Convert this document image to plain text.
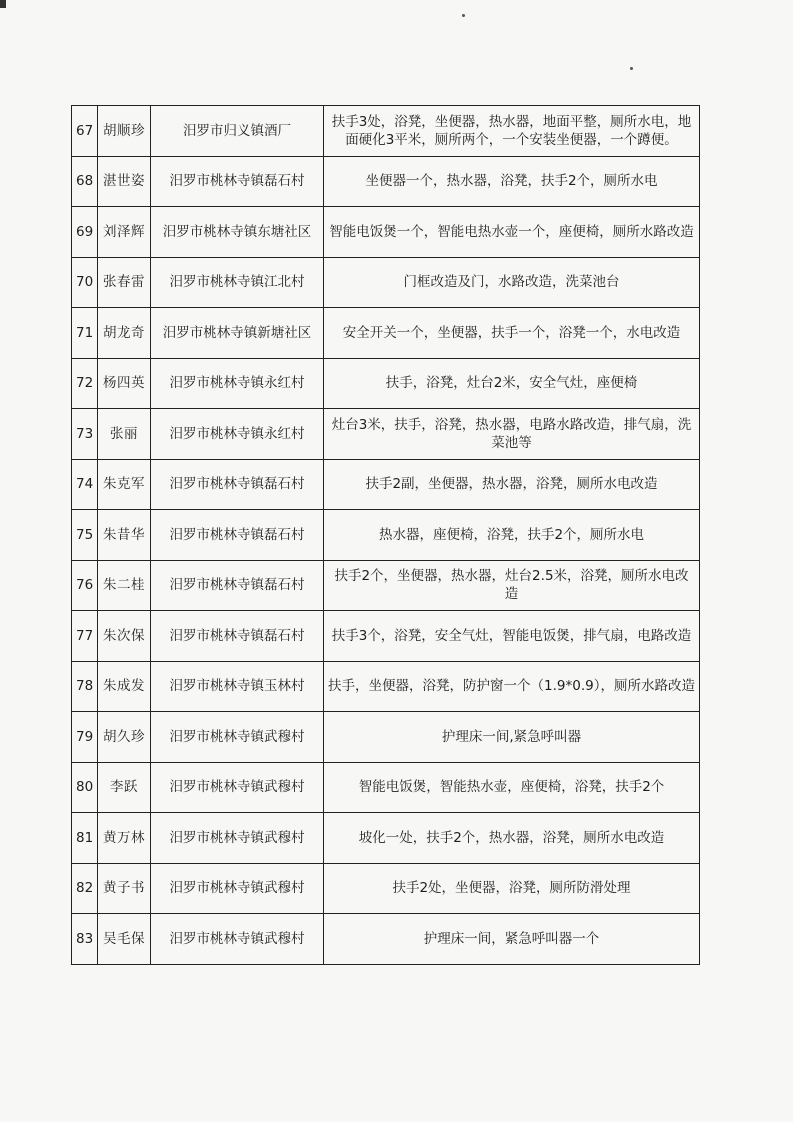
67	胡顺珍	汨罗市归义镇酒厂	扶手3处，浴凳，坐便器，热水器，地面平整，厕所水电，地面硬化3平米，厕所两个，一个安装坐便器，一个蹲便。
68	湛世姿	汨罗市桃林寺镇磊石村	坐便器一个，热水器，浴凳，扶手2个，厕所水电
69	刘泽辉	汨罗市桃林寺镇东塘社区	智能电饭煲一个，智能电热水壶一个，座便椅，厕所水路改造
70	张春雷	汨罗市桃林寺镇江北村	门框改造及门，水路改造，洗菜池台
71	胡龙奇	汨罗市桃林寺镇新塘社区	安全开关一个，坐便器，扶手一个，浴凳一个，水电改造
72	杨四英	汨罗市桃林寺镇永红村	扶手，浴凳，灶台2米，安全气灶，座便椅
73	张丽	汨罗市桃林寺镇永红村	灶台3米，扶手，浴凳，热水器，电路水路改造，排气扇，洗菜池等
74	朱克军	汨罗市桃林寺镇磊石村	扶手2副，坐便器，热水器，浴凳，厕所水电改造
75	朱昔华	汨罗市桃林寺镇磊石村	热水器，座便椅，浴凳，扶手2个，厕所水电
76	朱二桂	汨罗市桃林寺镇磊石村	扶手2个，坐便器，热水器，灶台2.5米，浴凳，厕所水电改造
77	朱次保	汨罗市桃林寺镇磊石村	扶手3个，浴凳，安全气灶，智能电饭煲，排气扇，电路改造
78	朱成发	汨罗市桃林寺镇玉林村	扶手，坐便器，浴凳，防护窗一个（1.9*0.9），厕所水路改造
79	胡久珍	汨罗市桃林寺镇武穆村	护理床一间,紧急呼叫器
80	李跃	汨罗市桃林寺镇武穆村	智能电饭煲，智能热水壶，座便椅，浴凳，扶手2个
81	黄万林	汨罗市桃林寺镇武穆村	坡化一处，扶手2个，热水器，浴凳，厕所水电改造
82	黄子书	汨罗市桃林寺镇武穆村	扶手2处，坐便器，浴凳，厕所防滑处理
83	吴毛保	汨罗市桃林寺镇武穆村	护理床一间，紧急呼叫器一个
